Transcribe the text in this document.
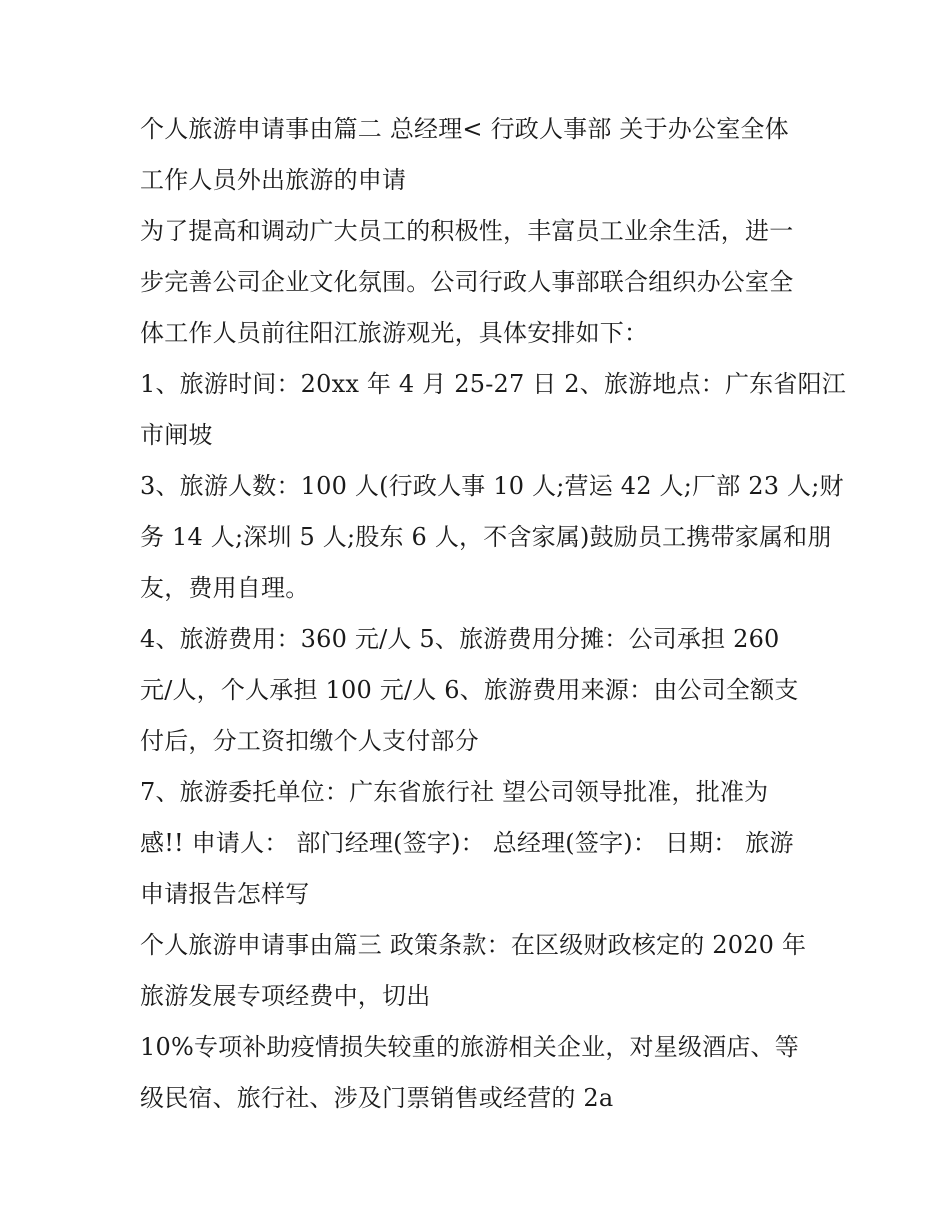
个人旅游申请事由篇二 总经理< 行政人事部 关于办公室全体
工作人员外出旅游的申请
为了提高和调动广大员工的积极性，丰富员工业余生活，进一
步完善公司企业文化氛围。公司行政人事部联合组织办公室全
体工作人员前往阳江旅游观光，具体安排如下：
1、旅游时间：20xx 年 4 月 25-27 日 2、旅游地点：广东省阳江
市闸坡
3、旅游人数：100 人(行政人事 10 人;营运 42 人;厂部 23 人;财
务 14 人;深圳 5 人;股东 6 人，不含家属)鼓励员工携带家属和朋
友，费用自理。
4、旅游费用：360 元/人 5、旅游费用分摊：公司承担 260
元/人，个人承担 100 元/人 6、旅游费用来源：由公司全额支
付后，分工资扣缴个人支付部分
7、旅游委托单位：广东省旅行社 望公司领导批准，批准为
感!! 申请人： 部门经理(签字)： 总经理(签字)： 日期： 旅游
申请报告怎样写
个人旅游申请事由篇三 政策条款：在区级财政核定的 2020 年
旅游发展专项经费中，切出
10%专项补助疫情损失较重的旅游相关企业，对星级酒店、等
级民宿、旅行社、涉及门票销售或经营的 2a
